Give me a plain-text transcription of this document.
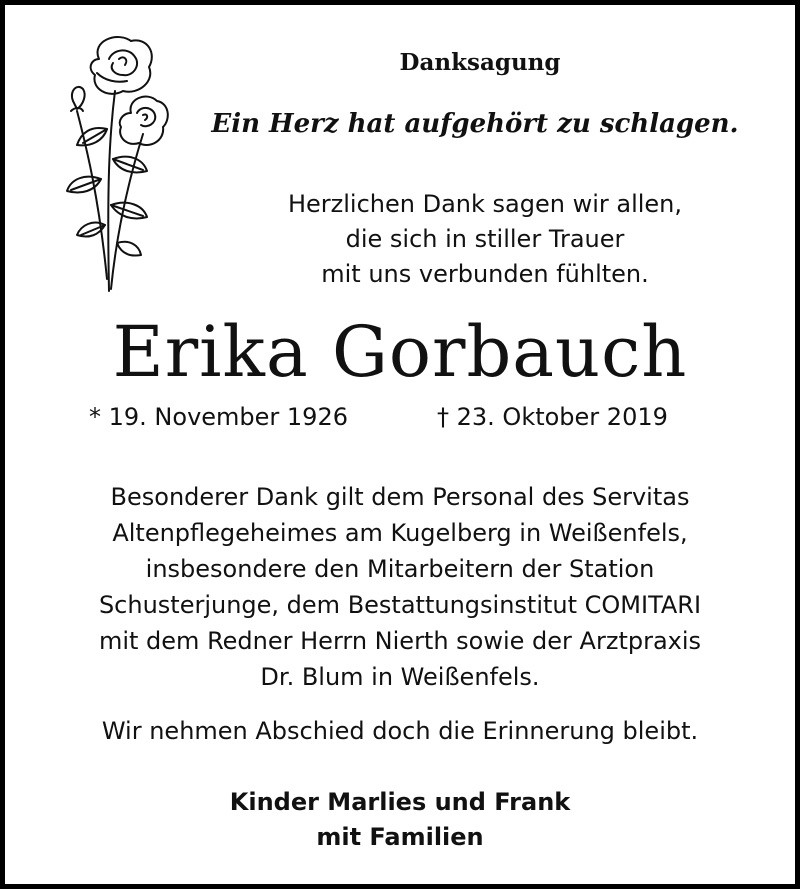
Danksagung

Ein Herz hat aufgehört zu schlagen.

Herzlichen Dank sagen wir allen,
die sich in stiller Trauer
mit uns verbunden fühlten.

Erika Gorbauch

* 19. November 1926	† 23. Oktober 2019

Besonderer Dank gilt dem Personal des Servitas
Altenpflegeheimes am Kugelberg in Weißenfels,
insbesondere den Mitarbeitern der Station
Schusterjunge, dem Bestattungsinstitut COMITARI
mit dem Redner Herrn Nierth sowie der Arztpraxis
Dr. Blum in Weißenfels.

Wir nehmen Abschied doch die Erinnerung bleibt.

Kinder Marlies und Frank
mit Familien
